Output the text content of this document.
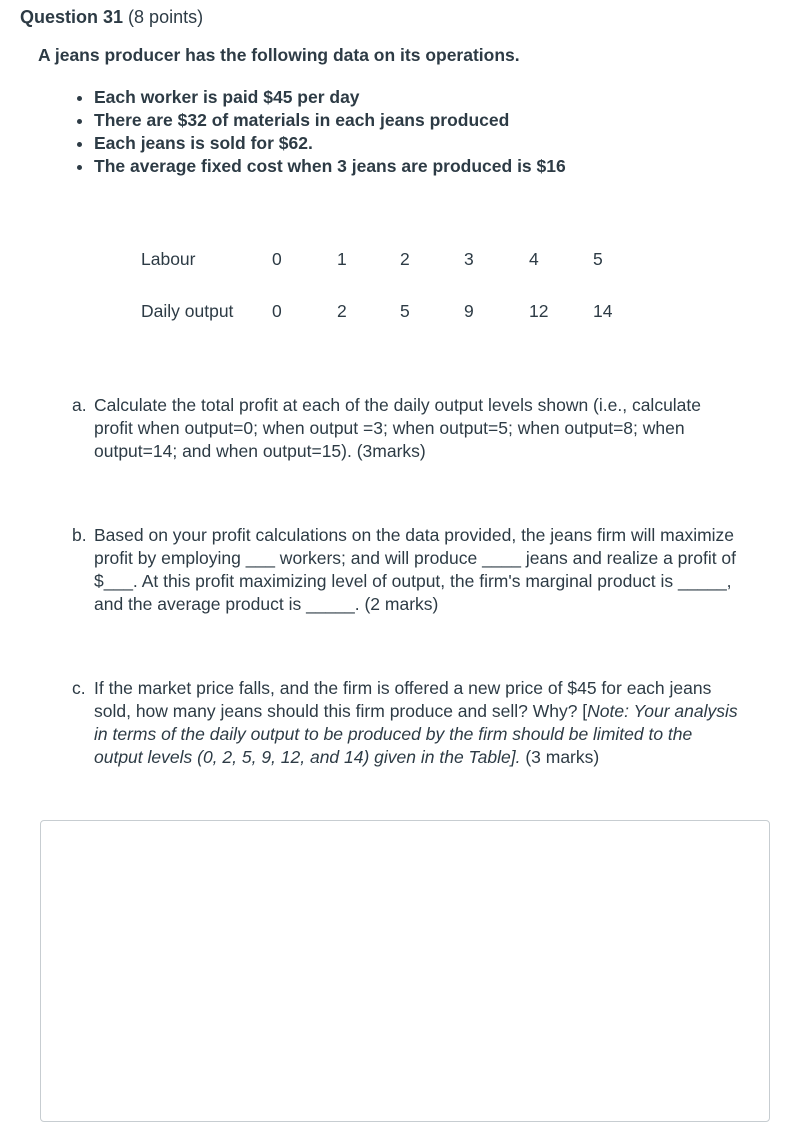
Question 31 (8 points)
A jeans producer has the following data on its operations.
• Each worker is paid $45 per day
• There are $32 of materials in each jeans produced
• Each jeans is sold for $62.
• The average fixed cost when 3 jeans are produced is $16
Labour	0	1	2	3	4	5
Daily output 0	2	5	9	12	14
a. Calculate the total profit at each of the daily output levels shown (i.e., calculate profit when output=0; when output =3; when output=5; when output=8; when output=14; and when output=15). (3marks)
b. Based on your profit calculations on the data provided, the jeans firm will maximize profit by employing ___ workers; and will produce ____ jeans and realize a profit of $___. At this profit maximizing level of output, the firm's marginal product is _____, and the average product is _____. (2 marks)
c. If the market price falls, and the firm is offered a new price of $45 for each jeans sold, how many jeans should this firm produce and sell? Why? [Note: Your analysis in terms of the daily output to be produced by the firm should be limited to the output levels (0, 2, 5, 9, 12, and 14) given in the Table]. (3 marks)
